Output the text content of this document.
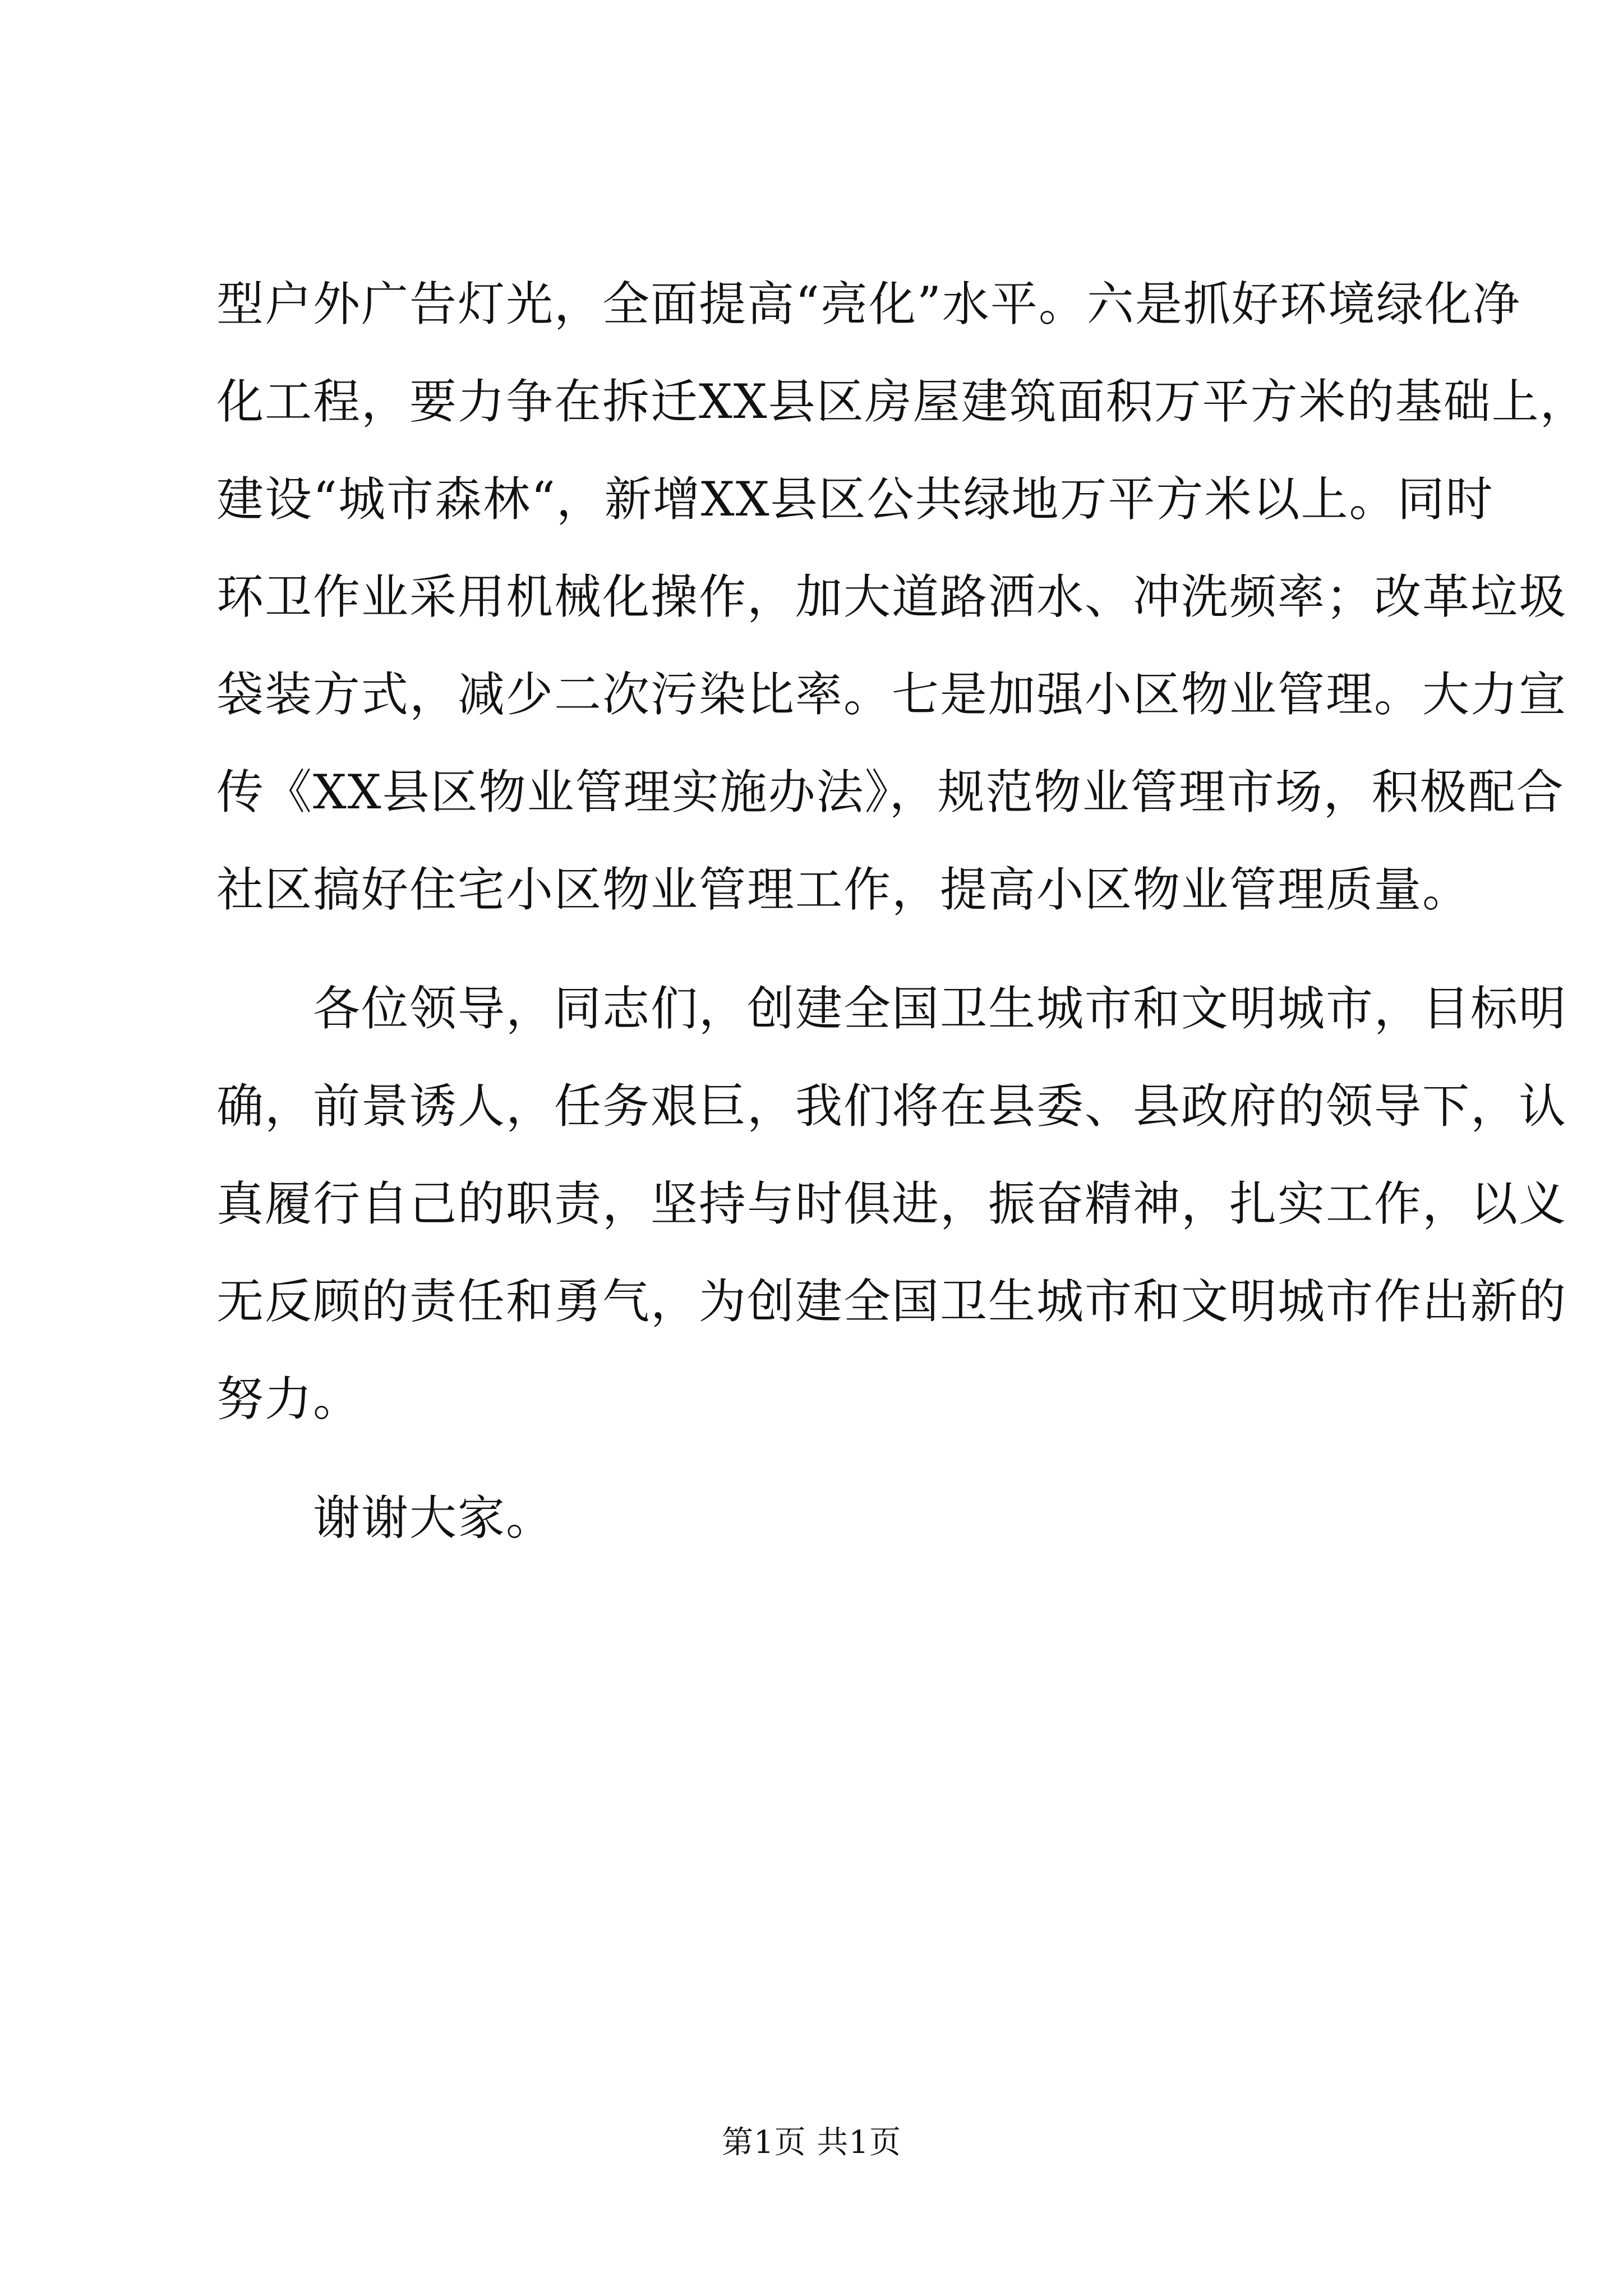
型户外广告灯光，全面提高“亮化”水平。六是抓好环境绿化净
化工程，要力争在拆迁XX县区房屋建筑面积万平方米的基础上，
建设“城市森林“，新增XX县区公共绿地万平方米以上。同时
环卫作业采用机械化操作，加大道路洒水、冲洗频率；改革垃圾
袋装方式，减少二次污染比率。七是加强小区物业管理。大力宣
传《XX县区物业管理实施办法》，规范物业管理市场，积极配合
社区搞好住宅小区物业管理工作，提高小区物业管理质量。
各位领导，同志们，创建全国卫生城市和文明城市，目标明
确，前景诱人，任务艰巨，我们将在县委、县政府的领导下，认
真履行自己的职责，坚持与时俱进，振奋精神，扎实工作，以义
无反顾的责任和勇气，为创建全国卫生城市和文明城市作出新的
努力。
谢谢大家。
第1页 共1页
